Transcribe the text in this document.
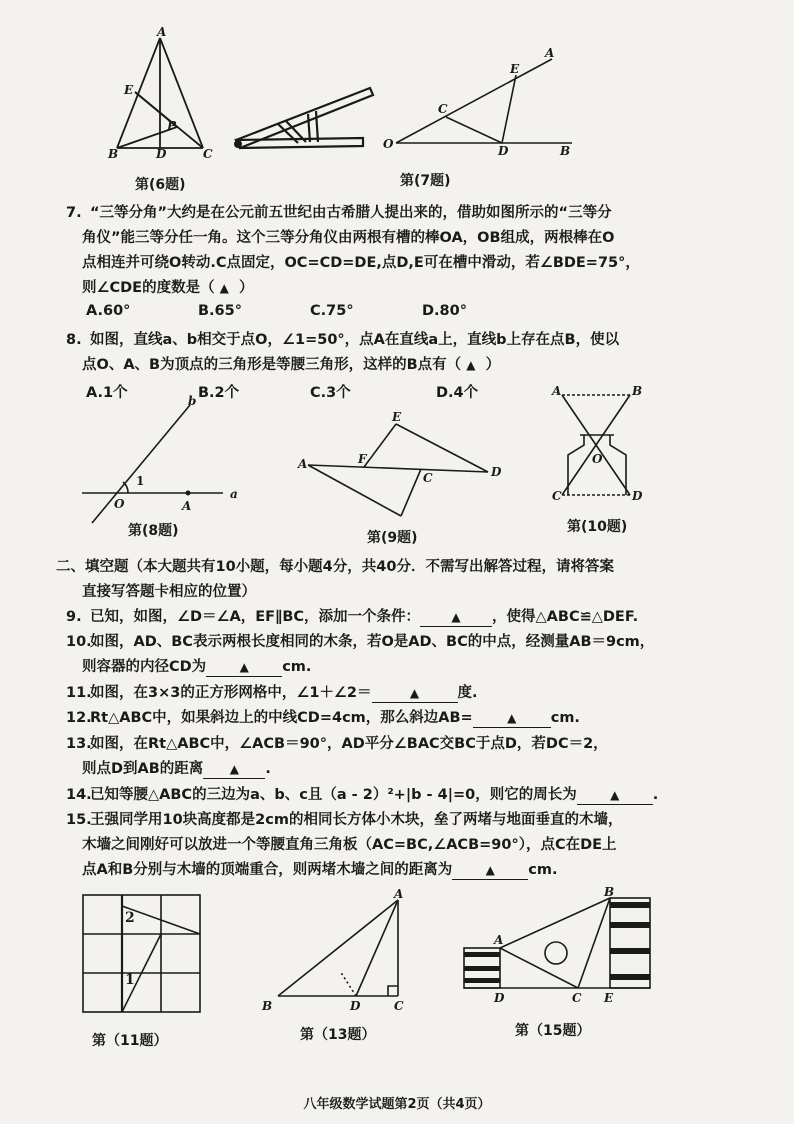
A
E
P
B	D	C
A
E
C
O	D	B
第(6题)	第(7题)
7. “三等分角”大约是在公元前五世纪由古希腊人提出来的，借助如图所示的“三等分
角仪”能三等分任一角。这个三等分角仪由两根有槽的棒OA，OB组成，两根棒在O
点相连并可绕O转动.C点固定，OC=CD=DE,点D,E可在槽中滑动，若∠BDE=75°，
则∠CDE的度数是（ ▲ ）
A.60°	B.65°	C.75°	D.80°
8. 如图，直线a、b相交于点O，∠1=50°，点A在直线a上，直线b上存在点B，使以
点O、A、B为顶点的三角形是等腰三角形，这样的B点有（ ▲ ）
A.1个	B.2个	C.3个	D.4个
b
1
O	A
a
E
A	F
C	D
A	B
O
C	D
第(8题)	第(9题)
第(10题)
二、填空题（本大题共有10小题，每小题4分，共40分．不需写出解答过程，请将答案
直接写答题卡相应的位置）
9. 已知，如图，∠D＝∠A，EF∥BC，添加一个条件：	▲ ，使得△ABC≌△DEF.
10.如图，AD、BC表示两根长度相同的木条，若O是AD、BC的中点，经测量AB＝9cm，
则容器的内径CD为	▲ cm.
11.如图，在3×3的正方形网格中，∠1＋∠2＝	▲	度.
12.Rt△ABC中，如果斜边上的中线CD=4cm，那么斜边AB=	▲ cm.
13.如图，在Rt△ABC中，∠ACB＝90°，AD平分∠BAC交BC于点D，若DC＝2，
则点D到AB的距离 ▲ .
14.已知等腰△ABC的三边为a、b、c且（a - 2）²+|b - 4|=0，则它的周长为	▲ .
15.王强同学用10块高度都是2cm的相同长方体小木块，垒了两堵与地面垂直的木墙，
木墙之间刚好可以放进一个等腰直角三角板（AC=BC,∠ACB=90°），点C在DE上
点A和B分别与木墙的顶端重合，则两堵木墙之间的距离为	▲ cm.
2
1
A
B	D	C
B
A
D	C E
第（11题）	第（13题）	第（15题）
八年级数学试题第2页（共4页）
